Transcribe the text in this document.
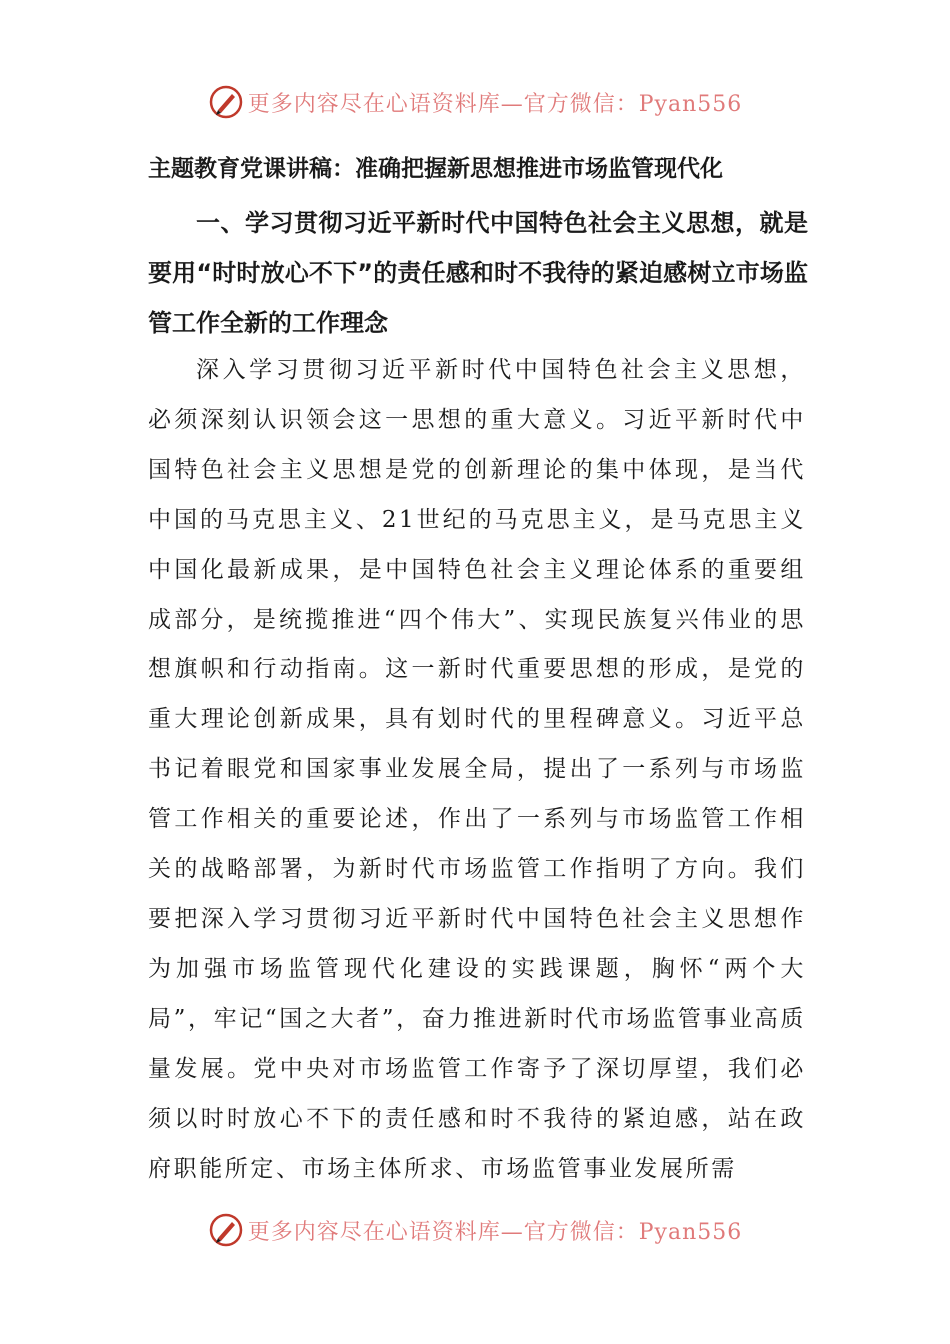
更多内容尽在心语资料库—官方微信：Pyan556
主题教育党课讲稿：准确把握新思想推进市场监管现代化
一、学习贯彻习近平新时代中国特色社会主义思想，就是要用“时时放心不下”的责任感和时不我待的紧迫感树立市场监管工作全新的工作理念

深入学习贯彻习近平新时代中国特色社会主义思想，必须深刻认识领会这一思想的重大意义。习近平新时代中国特色社会主义思想是党的创新理论的集中体现，是当代中国的马克思主义、21世纪的马克思主义，是马克思主义中国化最新成果，是中国特色社会主义理论体系的重要组成部分，是统揽推进“四个伟大”、实现民族复兴伟业的思想旗帜和行动指南。这一新时代重要思想的形成，是党的重大理论创新成果，具有划时代的里程碑意义。习近平总书记着眼党和国家事业发展全局，提出了一系列与市场监管工作相关的重要论述，作出了一系列与市场监管工作相关的战略部署，为新时代市场监管工作指明了方向。我们要把深入学习贯彻习近平新时代中国特色社会主义思想作为加强市场监管现代化建设的实践课题，胸怀“两个大局”，牢记“国之大者”，奋力推进新时代市场监管事业高质量发展。党中央对市场监管工作寄予了深切厚望，我们必须以时时放心不下的责任感和时不我待的紧迫感，站在政府职能所定、市场主体所求、市场监管事业发展所需

更多内容尽在心语资料库—官方微信：Pyan556
